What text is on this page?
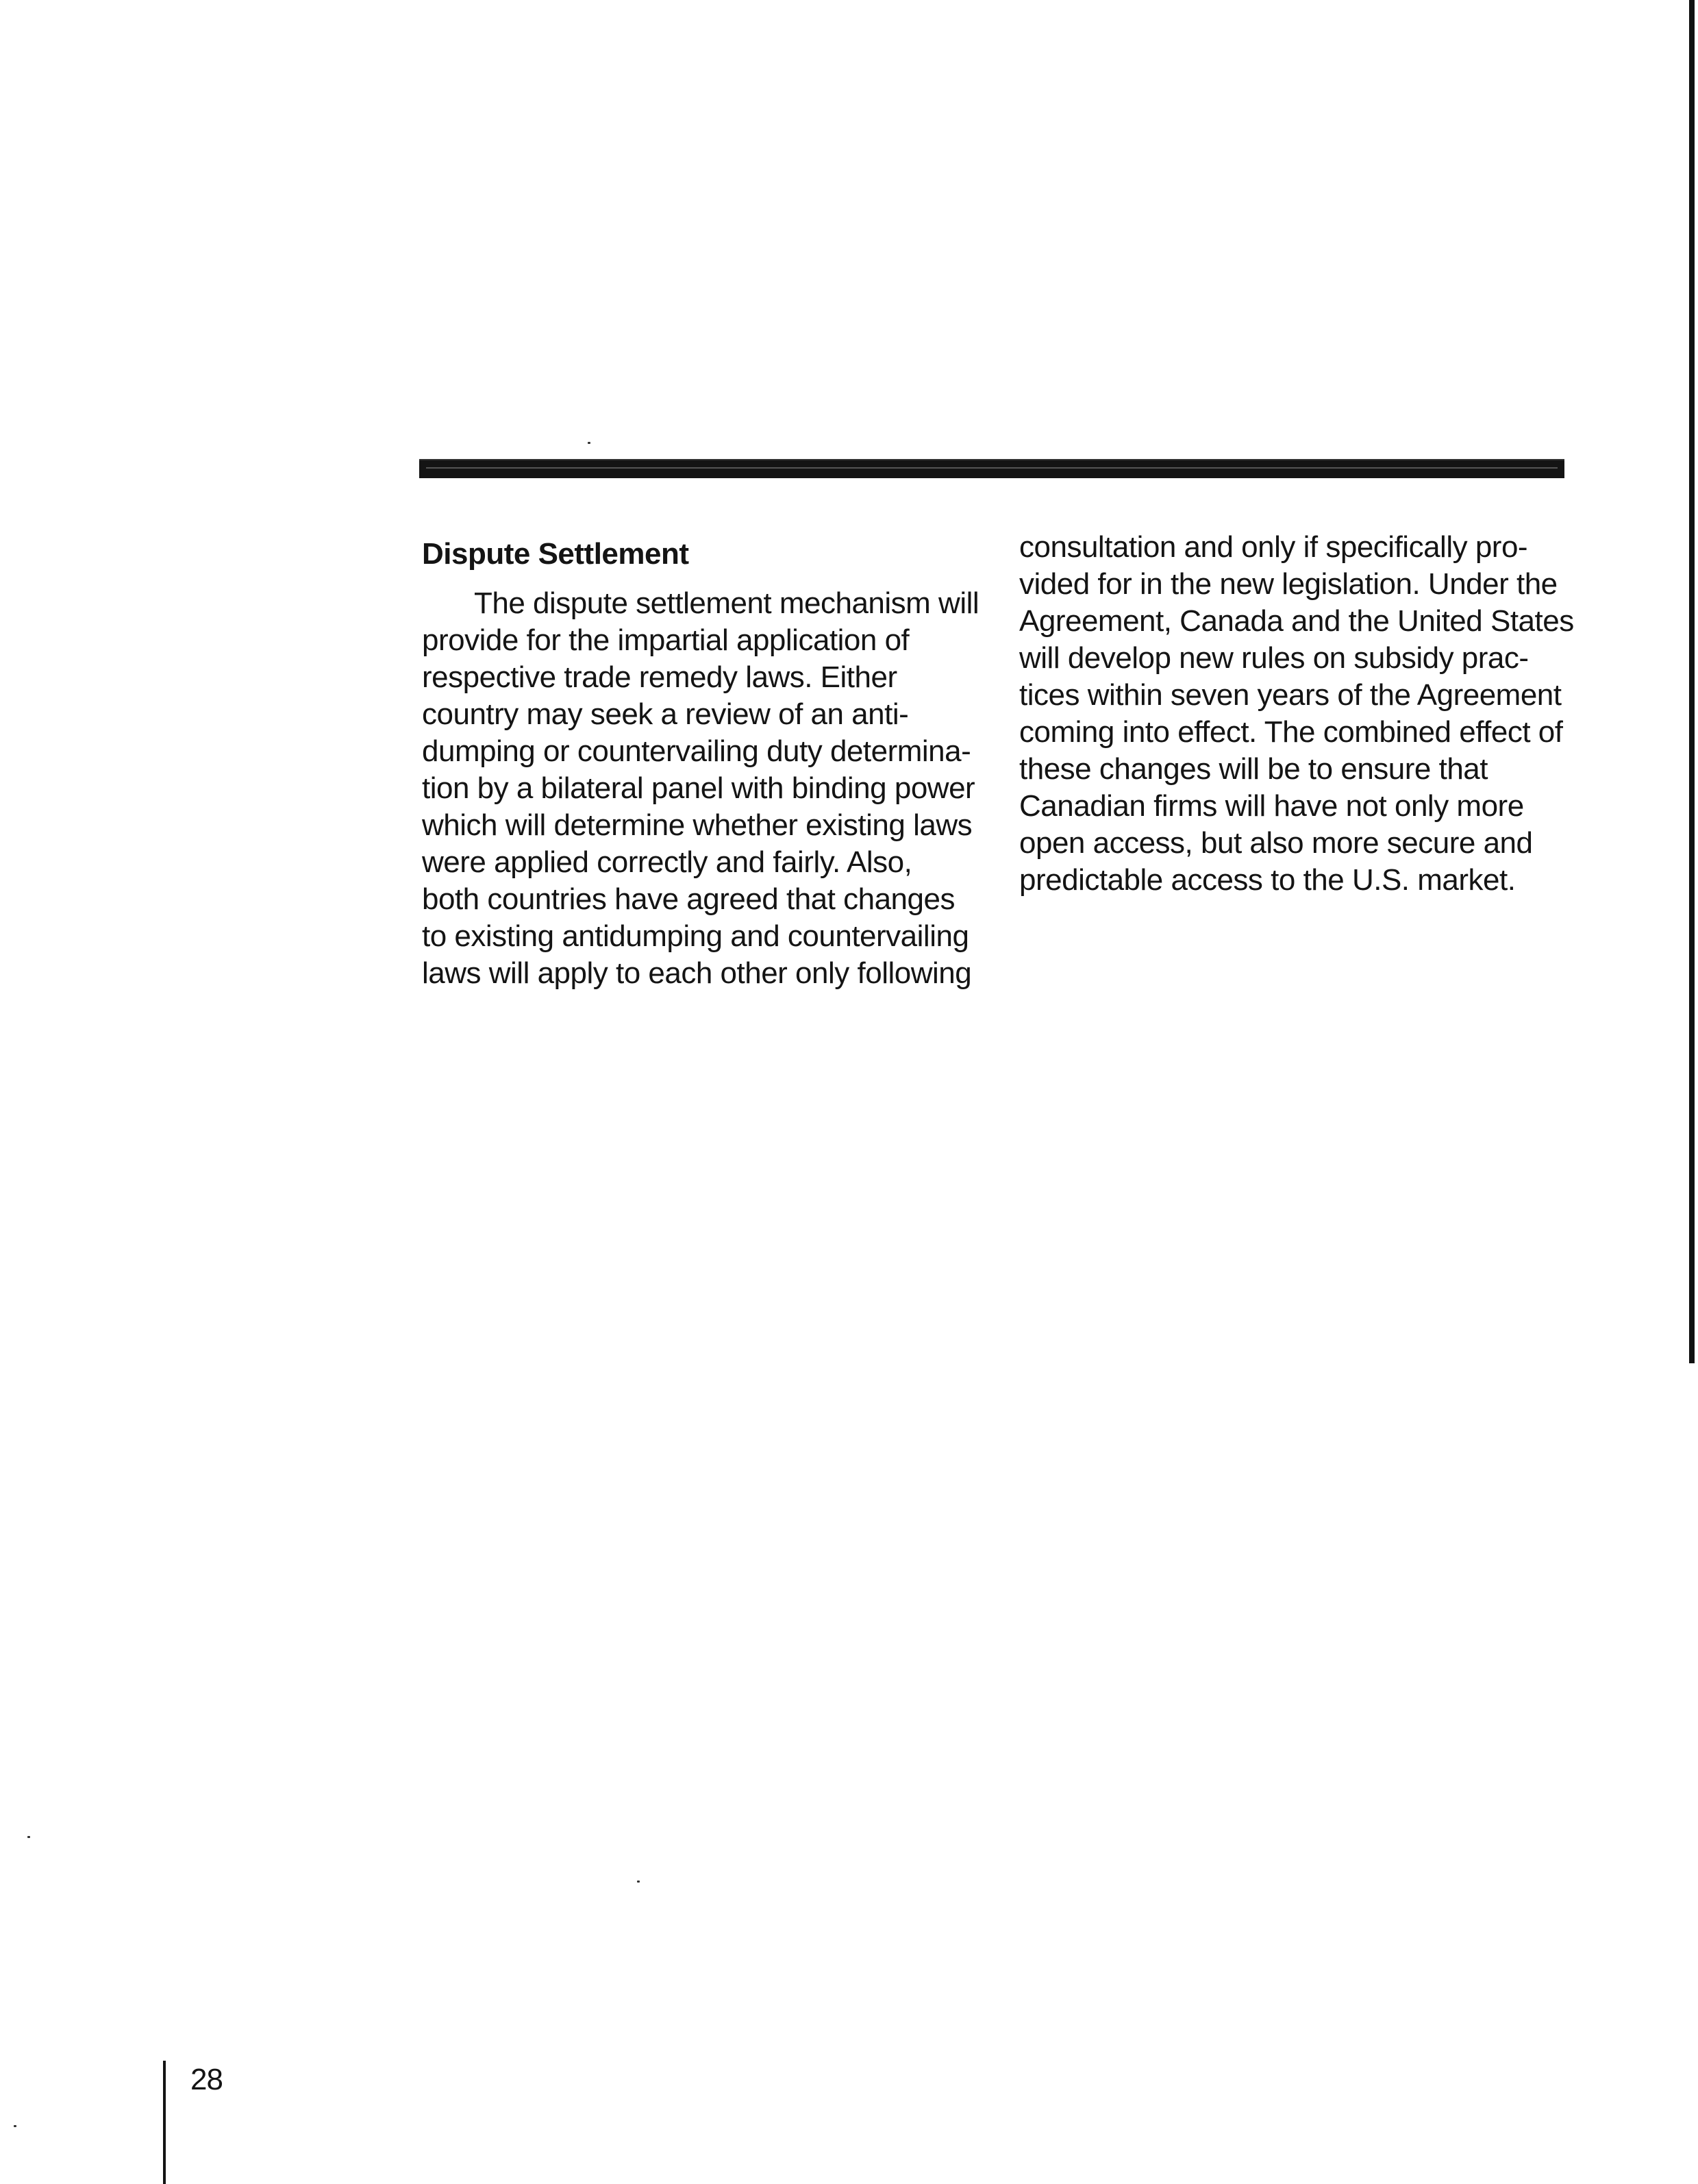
Dispute Settlement

The dispute settlement mechanism will
provide for the impartial application of
respective trade remedy laws. Either
country may seek a review of an anti-
dumping or countervailing duty determina-
tion by a bilateral panel with binding power
which will determine whether existing laws
were applied correctly and fairly. Also,
both countries have agreed that changes
to existing antidumping and countervailing
laws will apply to each other only following

consultation and only if specifically pro-
vided for in the new legislation. Under the
Agreement, Canada and the United States
will develop new rules on subsidy prac-
tices within seven years of the Agreement
coming into effect. The combined effect of
these changes will be to ensure that
Canadian firms will have not only more
open access, but also more secure and
predictable access to the U.S. market.

28
